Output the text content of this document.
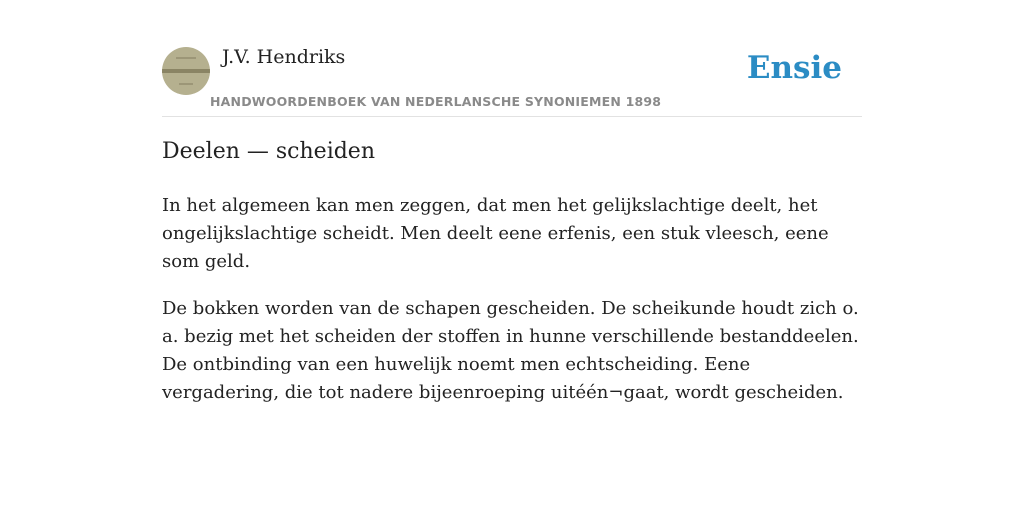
J.V. Hendriks
HANDWOORDENBOEK VAN NEDERLANSCHE SYNONIEMEN 1898
Ensie
Deelen — scheiden

In het algemeen kan men zeggen, dat men het gelijkslachtige deelt, het ongelijkslachtige scheidt. Men deelt eene erfenis, een stuk vleesch, eene som geld.

De bokken worden van de schapen gescheiden. De scheikunde houdt zich o. a. bezig met het scheiden der stoffen in hunne verschillende bestanddeelen. De ontbinding van een huwelijk noemt men echtscheiding. Eene vergadering, die tot nadere bijeenroeping uitéén¬gaat, wordt gescheiden.
